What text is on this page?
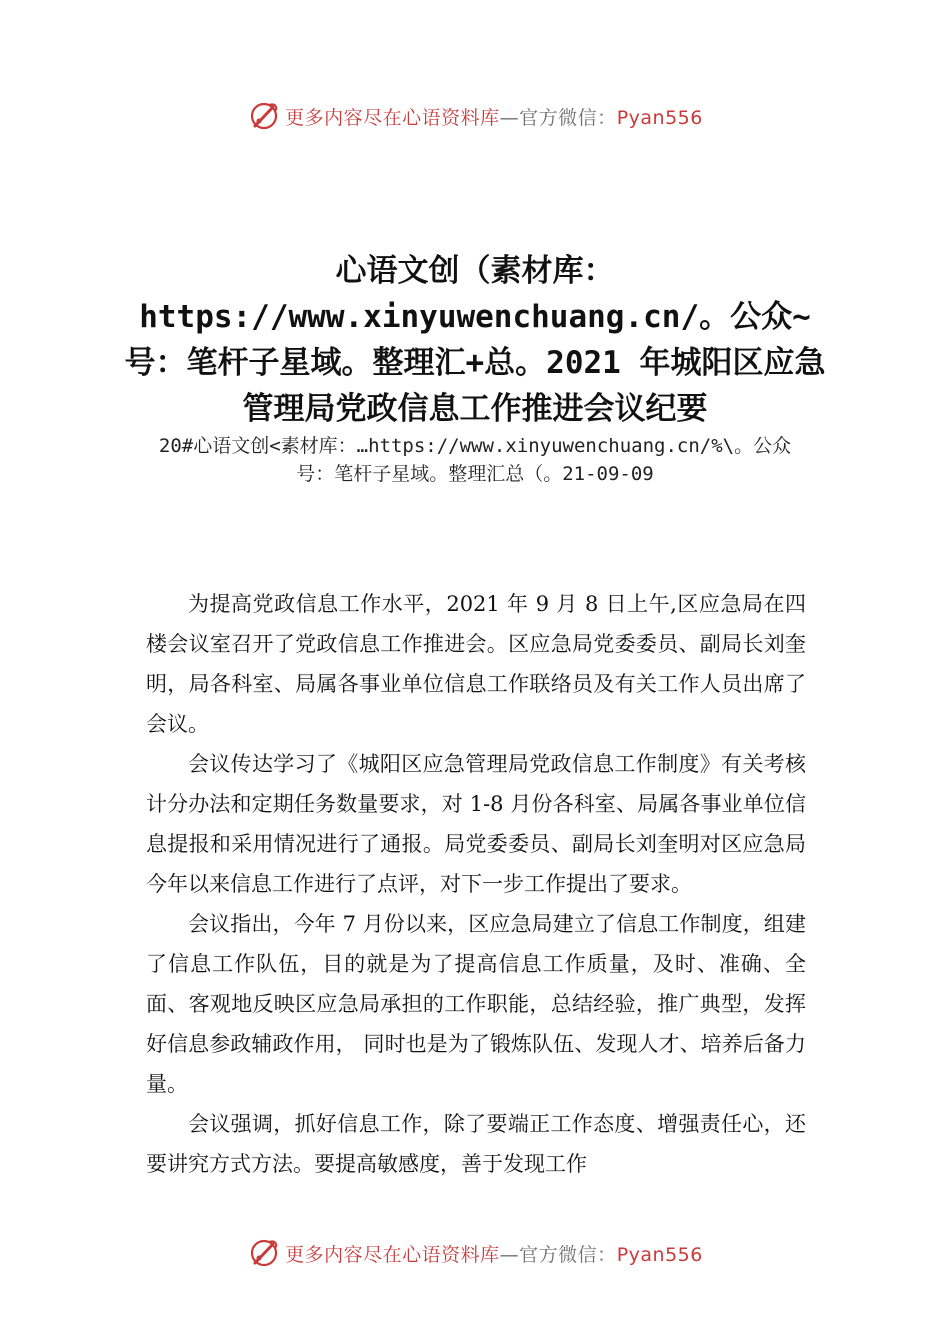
更多内容尽在心语资料库—官方微信：Pyan556
心语文创（素材库：https://www.xinyuwenchuang.cn/。公众~号：笔杆子星域。整理汇+总。2021 年城阳区应急管理局党政信息工作推进会议纪要
20#心语文创<素材库：…https://www.xinyuwenchuang.cn/%\。公众号：笔杆子星域。整理汇总（。21-09-09

为提高党政信息工作水平，2021 年 9 月 8 日上午,区应急局在四楼会议室召开了党政信息工作推进会。区应急局党委委员、副局长刘奎明，局各科室、局属各事业单位信息工作联络员及有关工作人员出席了会议。

会议传达学习了《城阳区应急管理局党政信息工作制度》有关考核计分办法和定期任务数量要求，对 1-8 月份各科室、局属各事业单位信息提报和采用情况进行了通报。局党委委员、副局长刘奎明对区应急局今年以来信息工作进行了点评，对下一步工作提出了要求。

会议指出，今年 7 月份以来，区应急局建立了信息工作制度，组建了信息工作队伍，目的就是为了提高信息工作质量，及时、准确、全面、客观地反映区应急局承担的工作职能，总结经验，推广典型，发挥好信息参政辅政作用， 同时也是为了锻炼队伍、发现人才、培养后备力量。

会议强调，抓好信息工作，除了要端正工作态度、增强责任心，还要讲究方式方法。要提高敏感度，善于发现工作

更多内容尽在心语资料库—官方微信：Pyan556
